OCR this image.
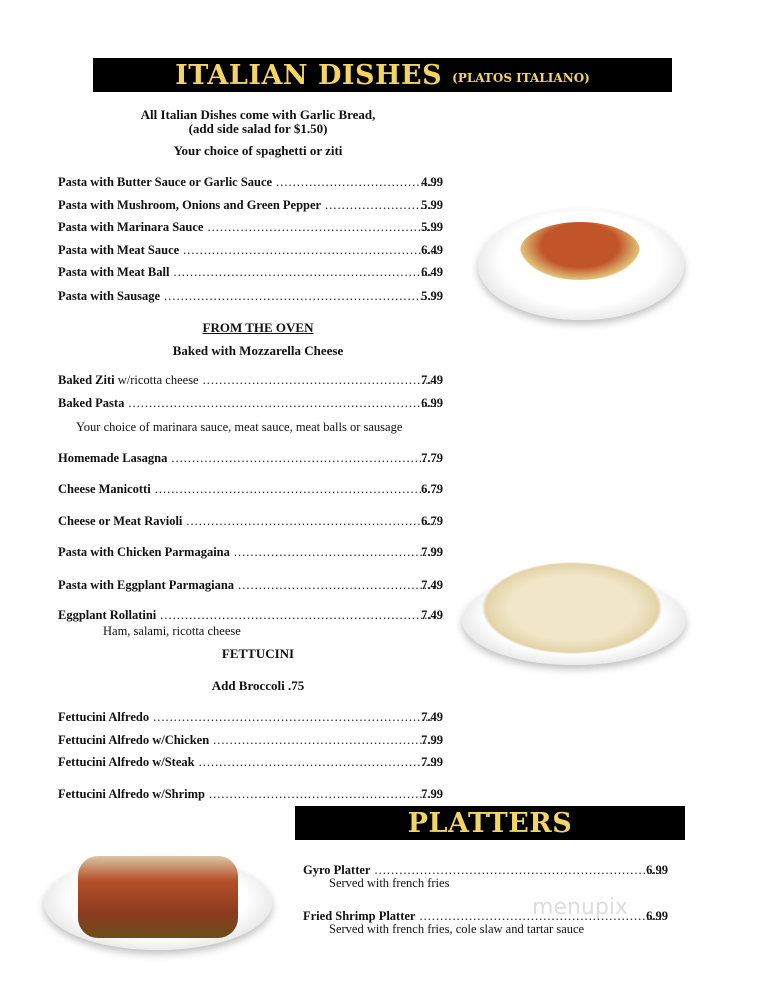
ITALIAN DISHES (PLATOS ITALIANO)
All Italian Dishes come with Garlic Bread,
(add side salad for $1.50)
Your choice of spaghetti or ziti
Pasta with Butter Sauce or Garlic Sauce .....	4.99
Pasta with Mushroom, Onions and Green Pepper .....	5.99
Pasta with Marinara Sauce .....	5.99
Pasta with Meat Sauce .....	6.49
Pasta with Meat Ball .....	6.49
Pasta with Sausage .....	5.99
FROM THE OVEN
Baked with Mozzarella Cheese
Baked Ziti w/ricotta cheese .....	7.49
Baked Pasta .....	6.99
Your choice of marinara sauce, meat sauce, meat balls or sausage
Homemade Lasagna .....	7.79
Cheese Manicotti .....	6.79
Cheese or Meat Ravioli .....	6.79
Pasta with Chicken Parmagaina .....	7.99
Pasta with Eggplant Parmagiana .....	7.49
Eggplant Rollatini .....	7.49
Ham, salami, ricotta cheese
FETTUCINI
Add Broccoli .75
Fettucini Alfredo .....	7.49
Fettucini Alfredo w/Chicken .....	7.99
Fettucini Alfredo w/Steak .....	7.99
Fettucini Alfredo w/Shrimp .....	7.99
PLATTERS
Gyro Platter .....	6.99
Served with french fries
Fried Shrimp Platter .....	6.99
Served with french fries, cole slaw and tartar sauce
menupix
